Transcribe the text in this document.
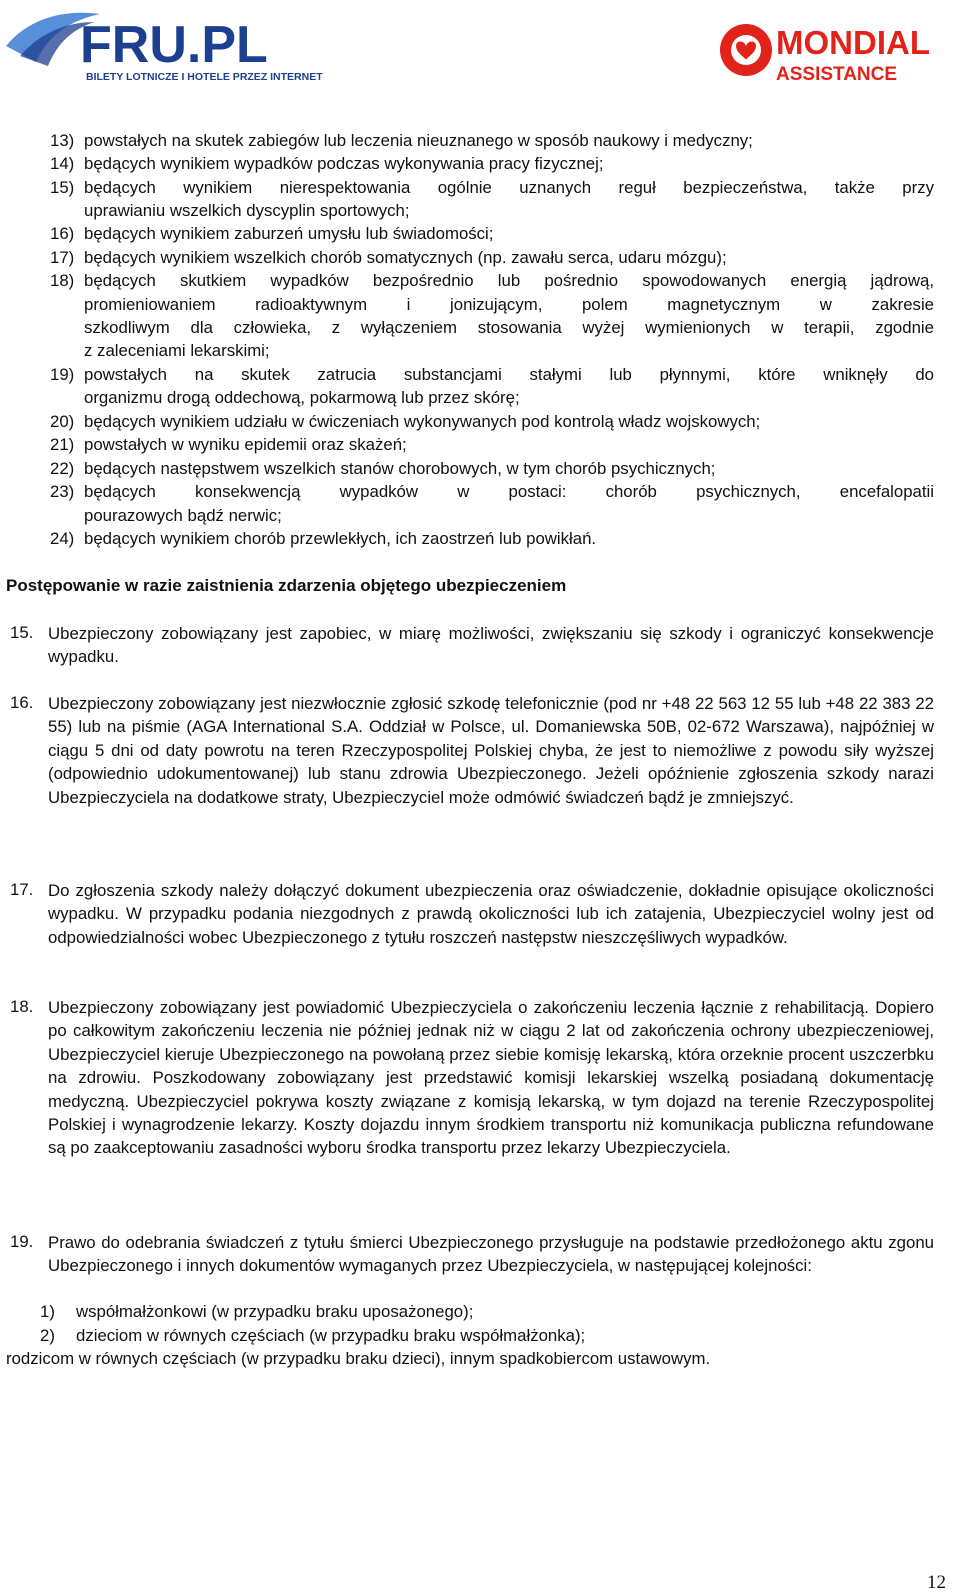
FRU.PL
BILETY LOTNICZE I HOTELE PRZEZ INTERNET
MONDIAL
ASSISTANCE
13) powstałych na skutek zabiegów lub leczenia nieuznanego w sposób naukowy i medyczny;
14) będących wynikiem wypadków podczas wykonywania pracy fizycznej;
15) będących wynikiem nierespektowania ogólnie uznanych reguł bezpieczeństwa, także przy
uprawianiu wszelkich dyscyplin sportowych;
16) będących wynikiem zaburzeń umysłu lub świadomości;
17) będących wynikiem wszelkich chorób somatycznych (np. zawału serca, udaru mózgu);
18) będących skutkiem wypadków bezpośrednio lub pośrednio spowodowanych energią jądrową,
promieniowaniem radioaktywnym i jonizującym, polem magnetycznym w zakresie
szkodliwym dla człowieka, z wyłączeniem stosowania wyżej wymienionych w terapii, zgodnie
z zaleceniami lekarskimi;
19) powstałych na skutek zatrucia substancjami stałymi lub płynnymi, które wniknęły do
organizmu drogą oddechową, pokarmową lub przez skórę;
20) będących wynikiem udziału w ćwiczeniach wykonywanych pod kontrolą władz wojskowych;
21) powstałych w wyniku epidemii oraz skażeń;
22) będących następstwem wszelkich stanów chorobowych, w tym chorób psychicznych;
23) będących konsekwencją wypadków w postaci: chorób psychicznych, encefalopatii
pourazowych bądź nerwic;
24) będących wynikiem chorób przewlekłych, ich zaostrzeń lub powikłań.
Postępowanie w razie zaistnienia zdarzenia objętego ubezpieczeniem
15. Ubezpieczony zobowiązany jest zapobiec, w miarę możliwości, zwiększaniu się szkody i ograniczyć konsekwencje wypadku.
16. Ubezpieczony zobowiązany jest niezwłocznie zgłosić szkodę telefonicznie (pod nr +48 22 563 12 55 lub +48 22 383 22 55) lub na piśmie (AGA International S.A. Oddział w Polsce, ul. Domaniewska 50B, 02-672 Warszawa), najpóźniej w ciągu 5 dni od daty powrotu na teren Rzeczypospolitej Polskiej chyba, że jest to niemożliwe z powodu siły wyższej (odpowiednio udokumentowanej) lub stanu zdrowia Ubezpieczonego. Jeżeli opóźnienie zgłoszenia szkody narazi Ubezpieczyciela na dodatkowe straty, Ubezpieczyciel może odmówić świadczeń bądź je zmniejszyć.
17. Do zgłoszenia szkody należy dołączyć dokument ubezpieczenia oraz oświadczenie, dokładnie opisujące okoliczności wypadku. W przypadku podania niezgodnych z prawdą okoliczności lub ich zatajenia, Ubezpieczyciel wolny jest od odpowiedzialności wobec Ubezpieczonego z tytułu roszczeń następstw nieszczęśliwych wypadków.
18. Ubezpieczony zobowiązany jest powiadomić Ubezpieczyciela o zakończeniu leczenia łącznie z rehabilitacją. Dopiero po całkowitym zakończeniu leczenia nie później jednak niż w ciągu 2 lat od zakończenia ochrony ubezpieczeniowej, Ubezpieczyciel kieruje Ubezpieczonego na powołaną przez siebie komisję lekarską, która orzeknie procent uszczerbku na zdrowiu. Poszkodowany zobowiązany jest przedstawić komisji lekarskiej wszelką posiadaną dokumentację medyczną. Ubezpieczyciel pokrywa koszty związane z komisją lekarską, w tym dojazd na terenie Rzeczypospolitej Polskiej i wynagrodzenie lekarzy. Koszty dojazdu innym środkiem transportu niż komunikacja publiczna refundowane są po zaakceptowaniu zasadności wyboru środka transportu przez lekarzy Ubezpieczyciela.
19. Prawo do odebrania świadczeń z tytułu śmierci Ubezpieczonego przysługuje na podstawie przedłożonego aktu zgonu Ubezpieczonego i innych dokumentów wymaganych przez Ubezpieczyciela, w następującej kolejności:
1) współmałżonkowi (w przypadku braku uposażonego);
2) dzieciom w równych częściach (w przypadku braku współmałżonka);
rodzicom w równych częściach (w przypadku braku dzieci), innym spadkobiercom ustawowym.
12
